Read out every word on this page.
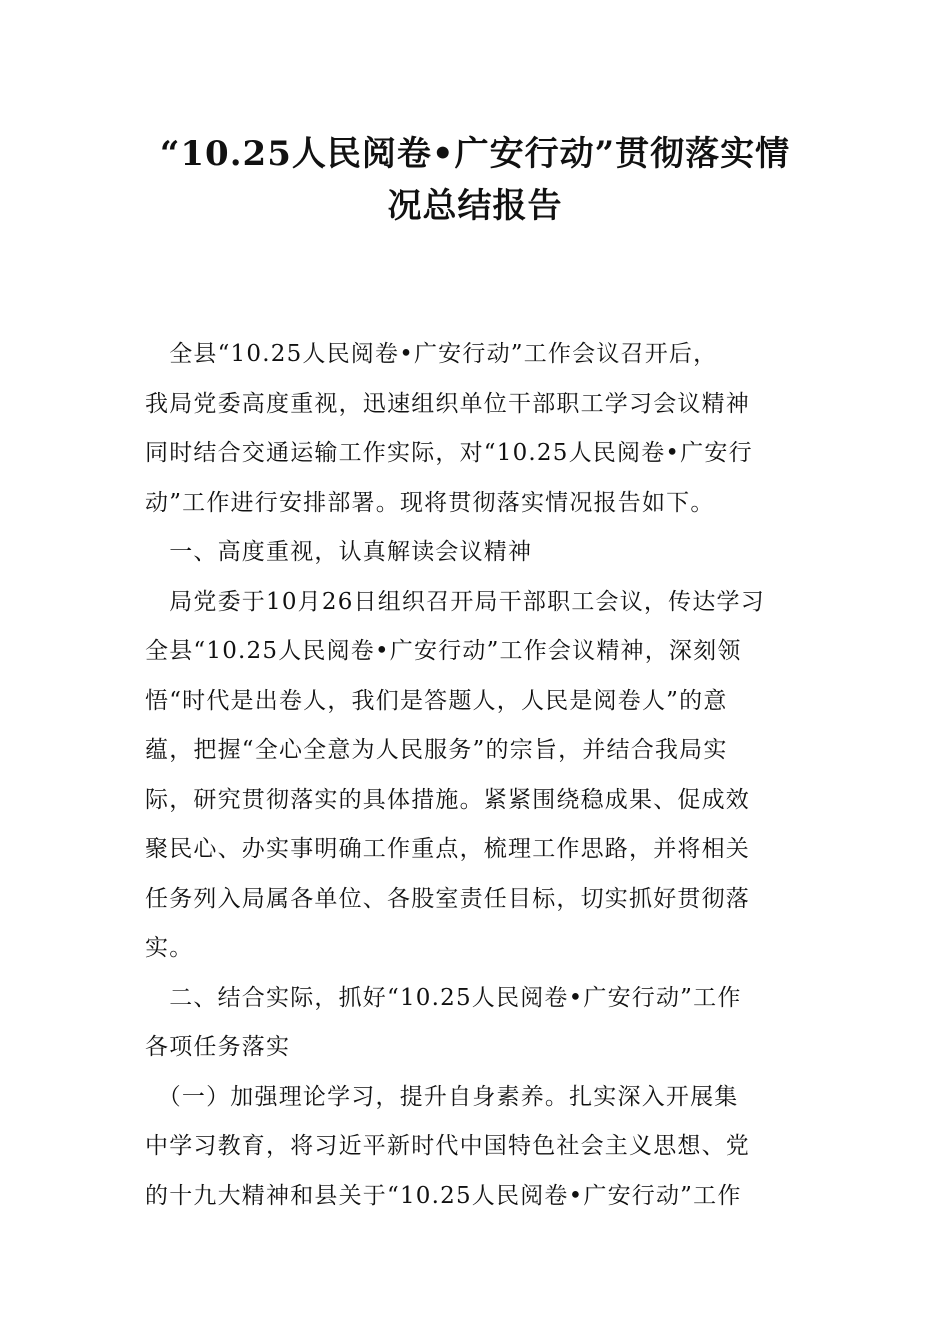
“10.25人民阅卷•广安行动”贯彻落实情
况总结报告

　全县“10.25人民阅卷•广安行动”工作会议召开后，
我局党委高度重视，迅速组织单位干部职工学习会议精神
同时结合交通运输工作实际，对“10.25人民阅卷•广安行
动”工作进行安排部署。现将贯彻落实情况报告如下。

　一、高度重视，认真解读会议精神

　局党委于10月26日组织召开局干部职工会议，传达学习
全县“10.25人民阅卷•广安行动”工作会议精神，深刻领
悟“时代是出卷人，我们是答题人，人民是阅卷人”的意
蕴，把握“全心全意为人民服务”的宗旨，并结合我局实
际，研究贯彻落实的具体措施。紧紧围绕稳成果、促成效
聚民心、办实事明确工作重点，梳理工作思路，并将相关
任务列入局属各单位、各股室责任目标，切实抓好贯彻落
实。

　二、结合实际，抓好“10.25人民阅卷•广安行动”工作
各项任务落实

　（一）加强理论学习，提升自身素养。扎实深入开展集
中学习教育，将习近平新时代中国特色社会主义思想、党
的十九大精神和县关于“10.25人民阅卷•广安行动”工作
